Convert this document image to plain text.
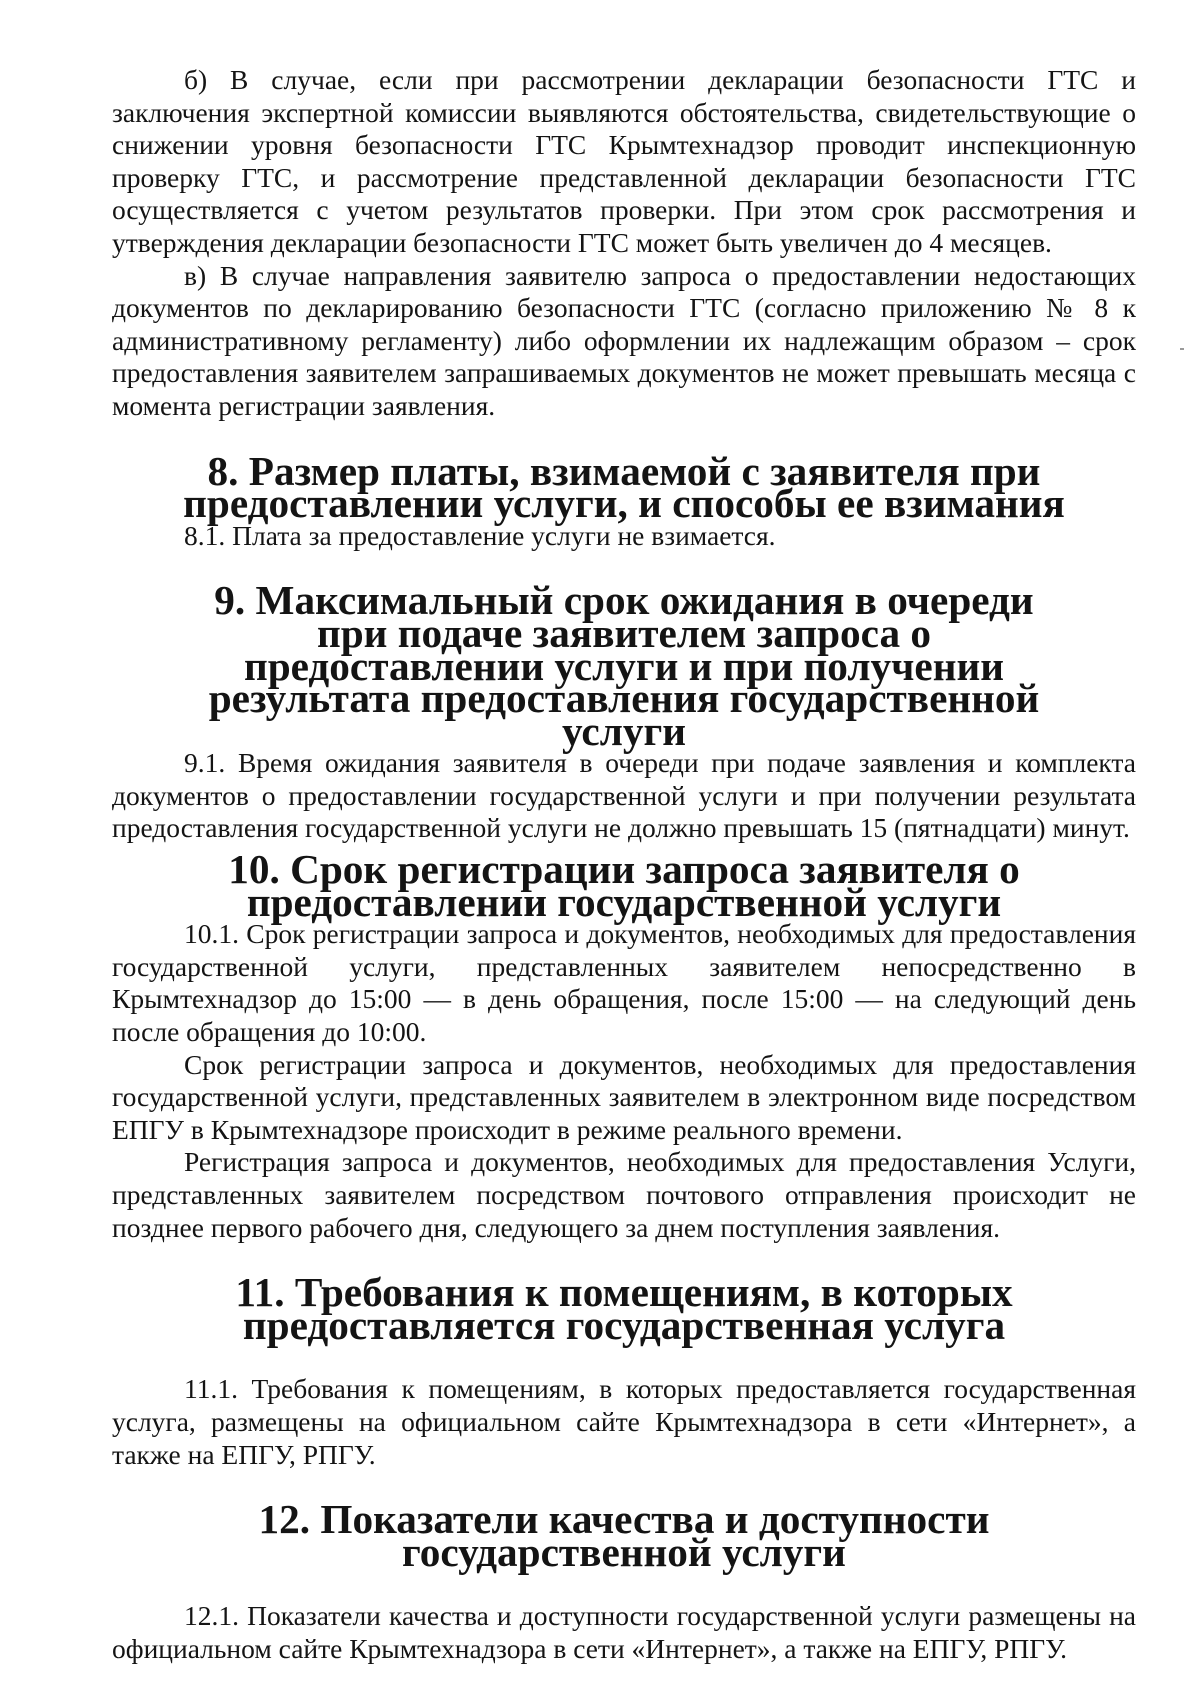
б) В случае, если при рассмотрении декларации безопасности ГТС и заключения экспертной комиссии выявляются обстоятельства, свидетельствующие о снижении уровня безопасности ГТС Крымтехнадзор проводит инспекционную проверку ГТС, и рассмотрение представленной декларации безопасности ГТС осуществляется с учетом результатов проверки. При этом срок рассмотрения и утверждения декларации безопасности ГТС может быть увеличен до 4 месяцев.

в) В случае направления заявителю запроса о предоставлении недостающих документов по декларированию безопасности ГТС (согласно приложению № 8 к административному регламенту) либо оформлении их надлежащим образом – срок предоставления заявителем запрашиваемых документов не может превышать месяца с момента регистрации заявления.

8. Размер платы, взимаемой с заявителя при предоставлении услуги, и способы ее взимания

8.1. Плата за предоставление услуги не взимается.

9. Максимальный срок ожидания в очереди при подаче заявителем запроса о предоставлении услуги и при получении результата предоставления государственной услуги

9.1. Время ожидания заявителя в очереди при подаче заявления и комплекта документов о предоставлении государственной услуги и при получении результата предоставления государственной услуги не должно превышать 15 (пятнадцати) минут.

10. Срок регистрации запроса заявителя о предоставлении государственной услуги

10.1. Срок регистрации запроса и документов, необходимых для предоставления государственной услуги, представленных заявителем непосредственно в Крымтехнадзор до 15:00 — в день обращения, после 15:00 — на следующий день после обращения до 10:00.

Срок регистрации запроса и документов, необходимых для предоставления государственной услуги, представленных заявителем в электронном виде посредством ЕПГУ в Крымтехнадзоре происходит в режиме реального времени.

Регистрация запроса и документов, необходимых для предоставления Услуги, представленных заявителем посредством почтового отправления происходит не позднее первого рабочего дня, следующего за днем поступления заявления.

11. Требования к помещениям, в которых предоставляется государственная услуга

11.1. Требования к помещениям, в которых предоставляется государственная услуга, размещены на официальном сайте Крымтехнадзора в сети «Интернет», а также на ЕПГУ, РПГУ.

12. Показатели качества и доступности государственной услуги

12.1. Показатели качества и доступности государственной услуги размещены на официальном сайте Крымтехнадзора в сети «Интернет», а также на ЕПГУ, РПГУ.
